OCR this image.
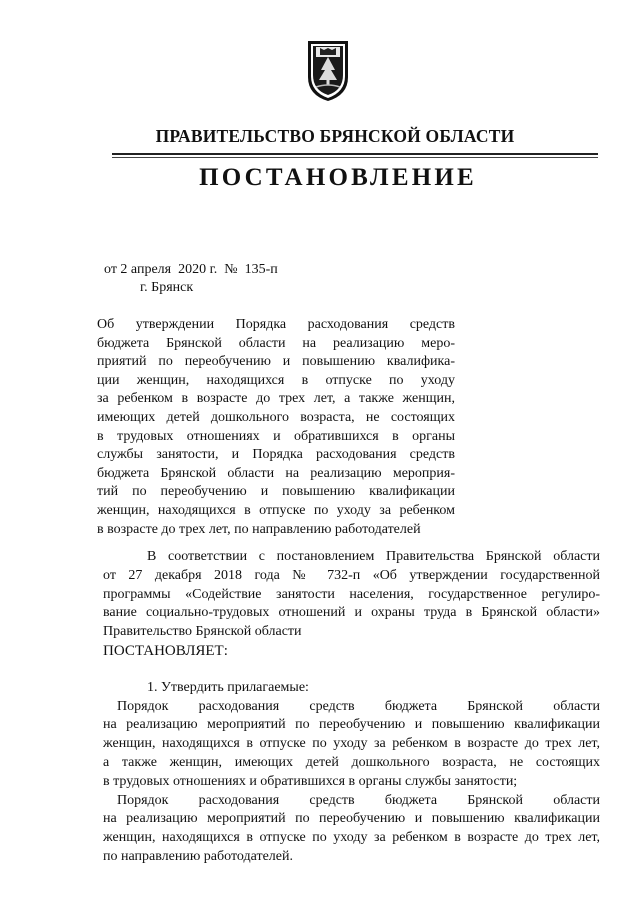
ПРАВИТЕЛЬСТВО БРЯНСКОЙ ОБЛАСТИ
ПОСТАНОВЛЕНИЕ
от 2 апреля  2020 г.  №  135-п
г. Брянск
Об утверждении Порядка расходования средств
бюджета Брянской области на реализацию меро-
приятий по переобучению и повышению квалифика-
ции женщин, находящихся в отпуске по уходу
за ребенком в возрасте до трех лет, а также женщин,
имеющих детей дошкольного возраста, не состоящих
в трудовых отношениях и обратившихся в органы
службы занятости, и Порядка расходования средств
бюджета Брянской области на реализацию мероприя-
тий по переобучению и повышению квалификации
женщин, находящихся в отпуске по уходу за ребенком
в возрасте до трех лет, по направлению работодателей
В соответствии с постановлением Правительства Брянской области
от 27 декабря 2018 года № 732-п «Об утверждении государственной
программы «Содействие занятости населения, государственное регулиро-
вание социально-трудовых отношений и охраны труда в Брянской области»
Правительство Брянской области
ПОСТАНОВЛЯЕТ:
1. Утвердить прилагаемые:
Порядок расходования средств бюджета Брянской области
на реализацию мероприятий по переобучению и повышению квалификации
женщин, находящихся в отпуске по уходу за ребенком в возрасте до трех лет,
а также женщин, имеющих детей дошкольного возраста, не состоящих
в трудовых отношениях и обратившихся в органы службы занятости;
Порядок расходования средств бюджета Брянской области
на реализацию мероприятий по переобучению и повышению квалификации
женщин, находящихся в отпуске по уходу за ребенком в возрасте до трех лет,
по направлению работодателей.
